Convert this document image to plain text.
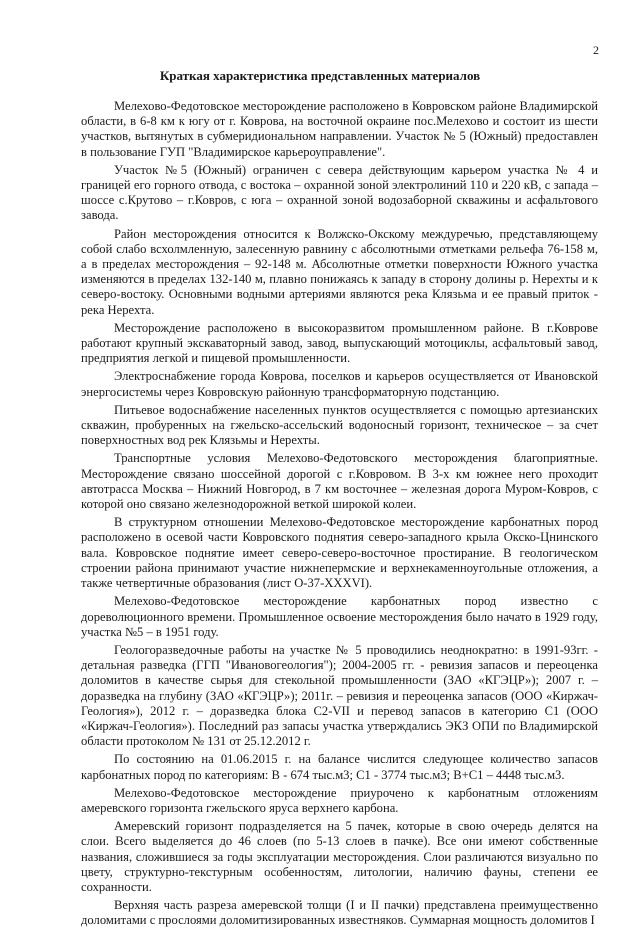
2
Краткая характеристика представленных материалов

Мелехово-Федотовское месторождение расположено в Ковровском районе Владимирской области, в 6-8 км к югу от г. Коврова, на восточной окраине пос.Мелехово и состоит из шести участков, вытянутых в субмеридиональном направлении. Участок № 5 (Южный) предоставлен в пользование ГУП "Владимирское карьероуправление".

Участок №5 (Южный) ограничен с севера действующим карьером участка № 4 и границей его горного отвода, с востока – охранной зоной электролиний 110 и 220 кВ, с запада – шоссе с.Крутово – г.Ковров, с юга – охранной зоной водозаборной скважины и асфальтового завода.

Район месторождения относится к Волжско-Окскому междуречью, представляющему собой слабо всхолмленную, залесенную равнину с абсолютными отметками рельефа 76-158 м, а в пределах месторождения – 92-148 м. Абсолютные отметки поверхности Южного участка изменяются в пределах 132-140 м, плавно понижаясь к западу в сторону долины р. Нерехты и к северо-востоку. Основными водными артериями являются река Клязьма и ее правый приток - река Нерехта.

Месторождение расположено в высокоразвитом промышленном районе. В г.Коврове работают крупный экскаваторный завод, завод, выпускающий мотоциклы, асфальтовый завод, предприятия легкой и пищевой промышленности.

Электроснабжение города Коврова, поселков и карьеров осуществляется от Ивановской энергосистемы через Ковровскую районную трансформаторную подстанцию.

Питьевое водоснабжение населенных пунктов осуществляется с помощью артезианских скважин, пробуренных на гжельско-ассельский водоносный горизонт, техническое – за счет поверхностных вод рек Клязьмы и Нерехты.

Транспортные условия Мелехово-Федотовского месторождения благоприятные. Месторождение связано шоссейной дорогой с г.Ковровом. В 3-х км южнее него проходит автотрасса Москва – Нижний Новгород, в 7 км восточнее – железная дорога Муром-Ковров, с которой оно связано железнодорожной веткой широкой колеи.

В структурном отношении Мелехово-Федотовское месторождение карбонатных пород расположено в осевой части Ковровского поднятия северо-западного крыла Окско-Цнинского вала. Ковровское поднятие имеет северо-северо-восточное простирание. В геологическом строении района принимают участие нижнепермские и верхнекаменноугольные отложения, а также четвертичные образования (лист О-37-XXXVI).

Мелехово-Федотовское месторождение карбонатных пород известно с дореволюционного времени. Промышленное освоение месторождения было начато в 1929 году, участка №5 – в 1951 году.

Геологоразведочные работы на участке № 5 проводились неоднократно: в 1991-93гг. - детальная разведка (ГГП "Ивановогеология"); 2004-2005 гг. - ревизия запасов и переоценка доломитов в качестве сырья для стекольной промышленности (ЗАО «КГЭЦР»); 2007 г. – доразведка на глубину (ЗАО «КГЭЦР»); 2011г. – ревизия и переоценка запасов (ООО «Киржач-Геология»), 2012 г. – доразведка блока С2-VII и перевод запасов в категорию С1 (ООО «Киржач-Геология»). Последний раз запасы участка утверждались ЭКЗ ОПИ по Владимирской области протоколом № 131 от 25.12.2012 г.

По состоянию на 01.06.2015 г. на балансе числится следующее количество запасов карбонатных пород по категориям: В - 674 тыс.м3; С1 - 3774 тыс.м3; В+С1 – 4448 тыс.м3.

Мелехово-Федотовское месторождение приурочено к карбонатным отложениям амеревского горизонта гжельского яруса верхнего карбона.

Амеревский горизонт подразделяется на 5 пачек, которые в свою очередь делятся на слои. Всего выделяется до 46 слоев (по 5-13 слоев в пачке). Все они имеют собственные названия, сложившиеся за годы эксплуатации месторождения. Слои различаются визуально по цвету, структурно-текстурным особенностям, литологии, наличию фауны, степени ее сохранности.

Верхняя часть разреза амеревской толщи (I и II пачки) представлена преимущественно доломитами с прослоями доломитизированных известняков. Суммарная мощность доломитов I
